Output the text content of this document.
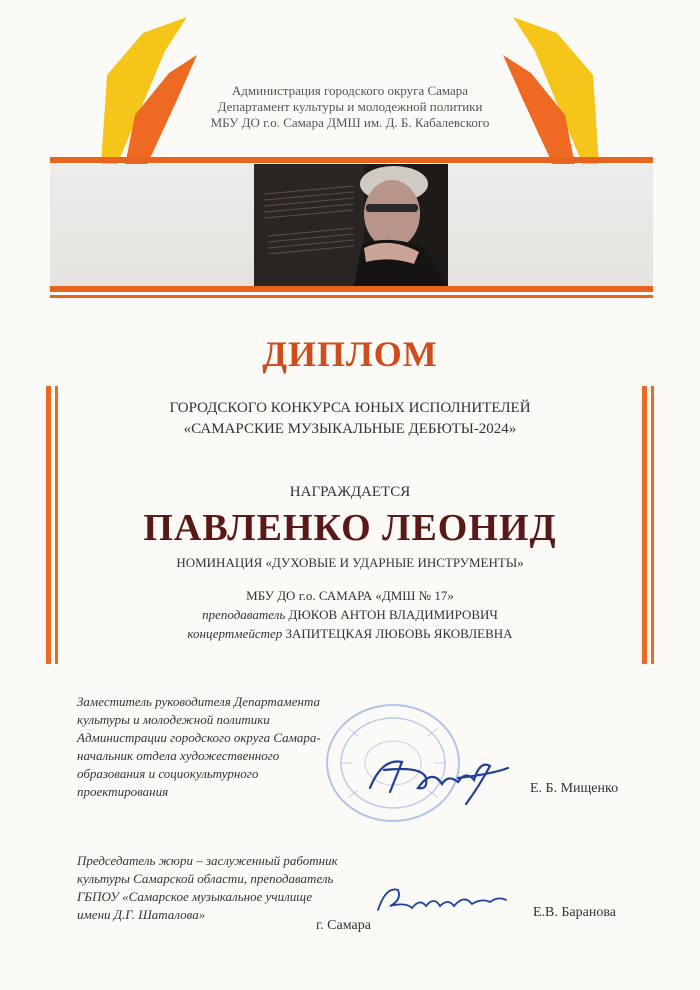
Администрация городского округа Самара
Департамент культуры и молодежной политики
МБУ ДО г.о. Самара ДМШ им. Д. Б. Кабалевского
ДИПЛОМ
ГОРОДСКОГО КОНКУРСА ЮНЫХ ИСПОЛНИТЕЛЕЙ
«САМАРСКИЕ МУЗЫКАЛЬНЫЕ ДЕБЮТЫ-2024»
НАГРАЖДАЕТСЯ
ПАВЛЕНКО ЛЕОНИД
НОМИНАЦИЯ «ДУХОВЫЕ И УДАРНЫЕ ИНСТРУМЕНТЫ»
МБУ ДО г.о. САМАРА «ДМШ № 17»
преподаватель ДЮКОВ АНТОН ВЛАДИМИРОВИЧ
концертмейстер ЗАПИТЕЦКАЯ ЛЮБОВЬ ЯКОВЛЕВНА
Заместитель руководителя Департамента
культуры и молодежной политики
Администрации городского округа Самара-
начальник отдела художественного
образования и социокультурного
проектирования	Е. Б. Мищенко
Председатель жюри – заслуженный работник
культуры Самарской области, преподаватель
ГБПОУ «Самарское музыкальное училище
имени Д.Г. Шаталова»	Е.В. Баранова
г. Самара
